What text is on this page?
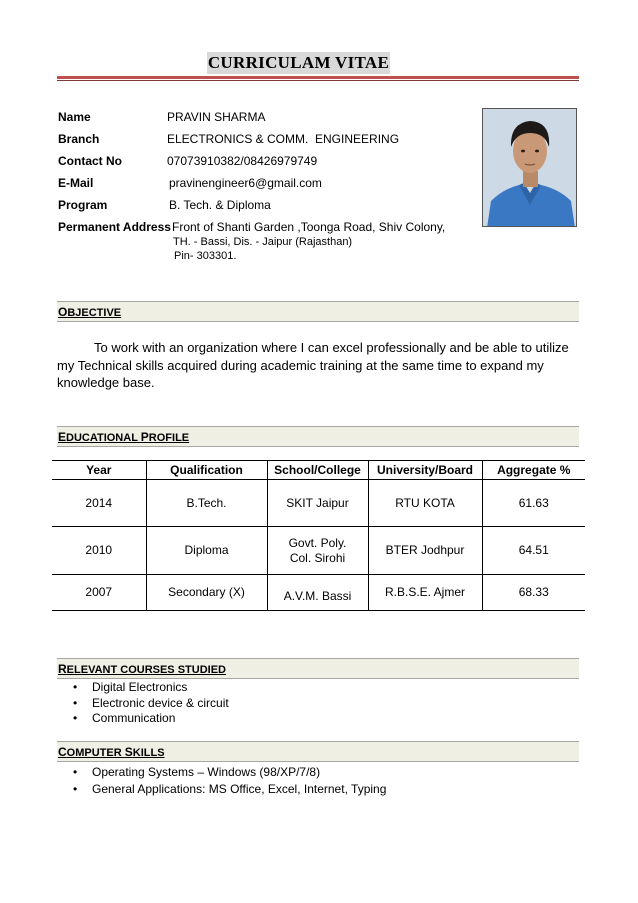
CURRICULAM VITAE
Name	PRAVIN SHARMA
Branch	ELECTRONICS & COMM.  ENGINEERING
Contact No	07073910382/08426979749
E-Mail	pravinengineer6@gmail.com
Program	B. Tech. & Diploma
Permanent Address Front of Shanti Garden ,Toonga Road, Shiv Colony,
TH. - Bassi, Dis. - Jaipur (Rajasthan)
Pin- 303301.
OBJECTIVE
To work with an organization where I can excel professionally and be able to utilize my Technical skills acquired during academic training at the same time to expand my knowledge base.
EDUCATIONAL PROFILE
Year	Qualification	School/College	University/Board	Aggregate %
2014	B.Tech.	SKIT Jaipur	RTU KOTA	61.63
2010	Diploma	Govt. Poly. Col. Sirohi	BTER Jodhpur	64.51
2007	Secondary (X)	A.V.M. Bassi	R.B.S.E. Ajmer	68.33
RELEVANT COURSES STUDIED
• Digital Electronics
• Electronic device & circuit
• Communication
COMPUTER SKILLS
• Operating Systems – Windows (98/XP/7/8)
• General Applications: MS Office, Excel, Internet, Typing
